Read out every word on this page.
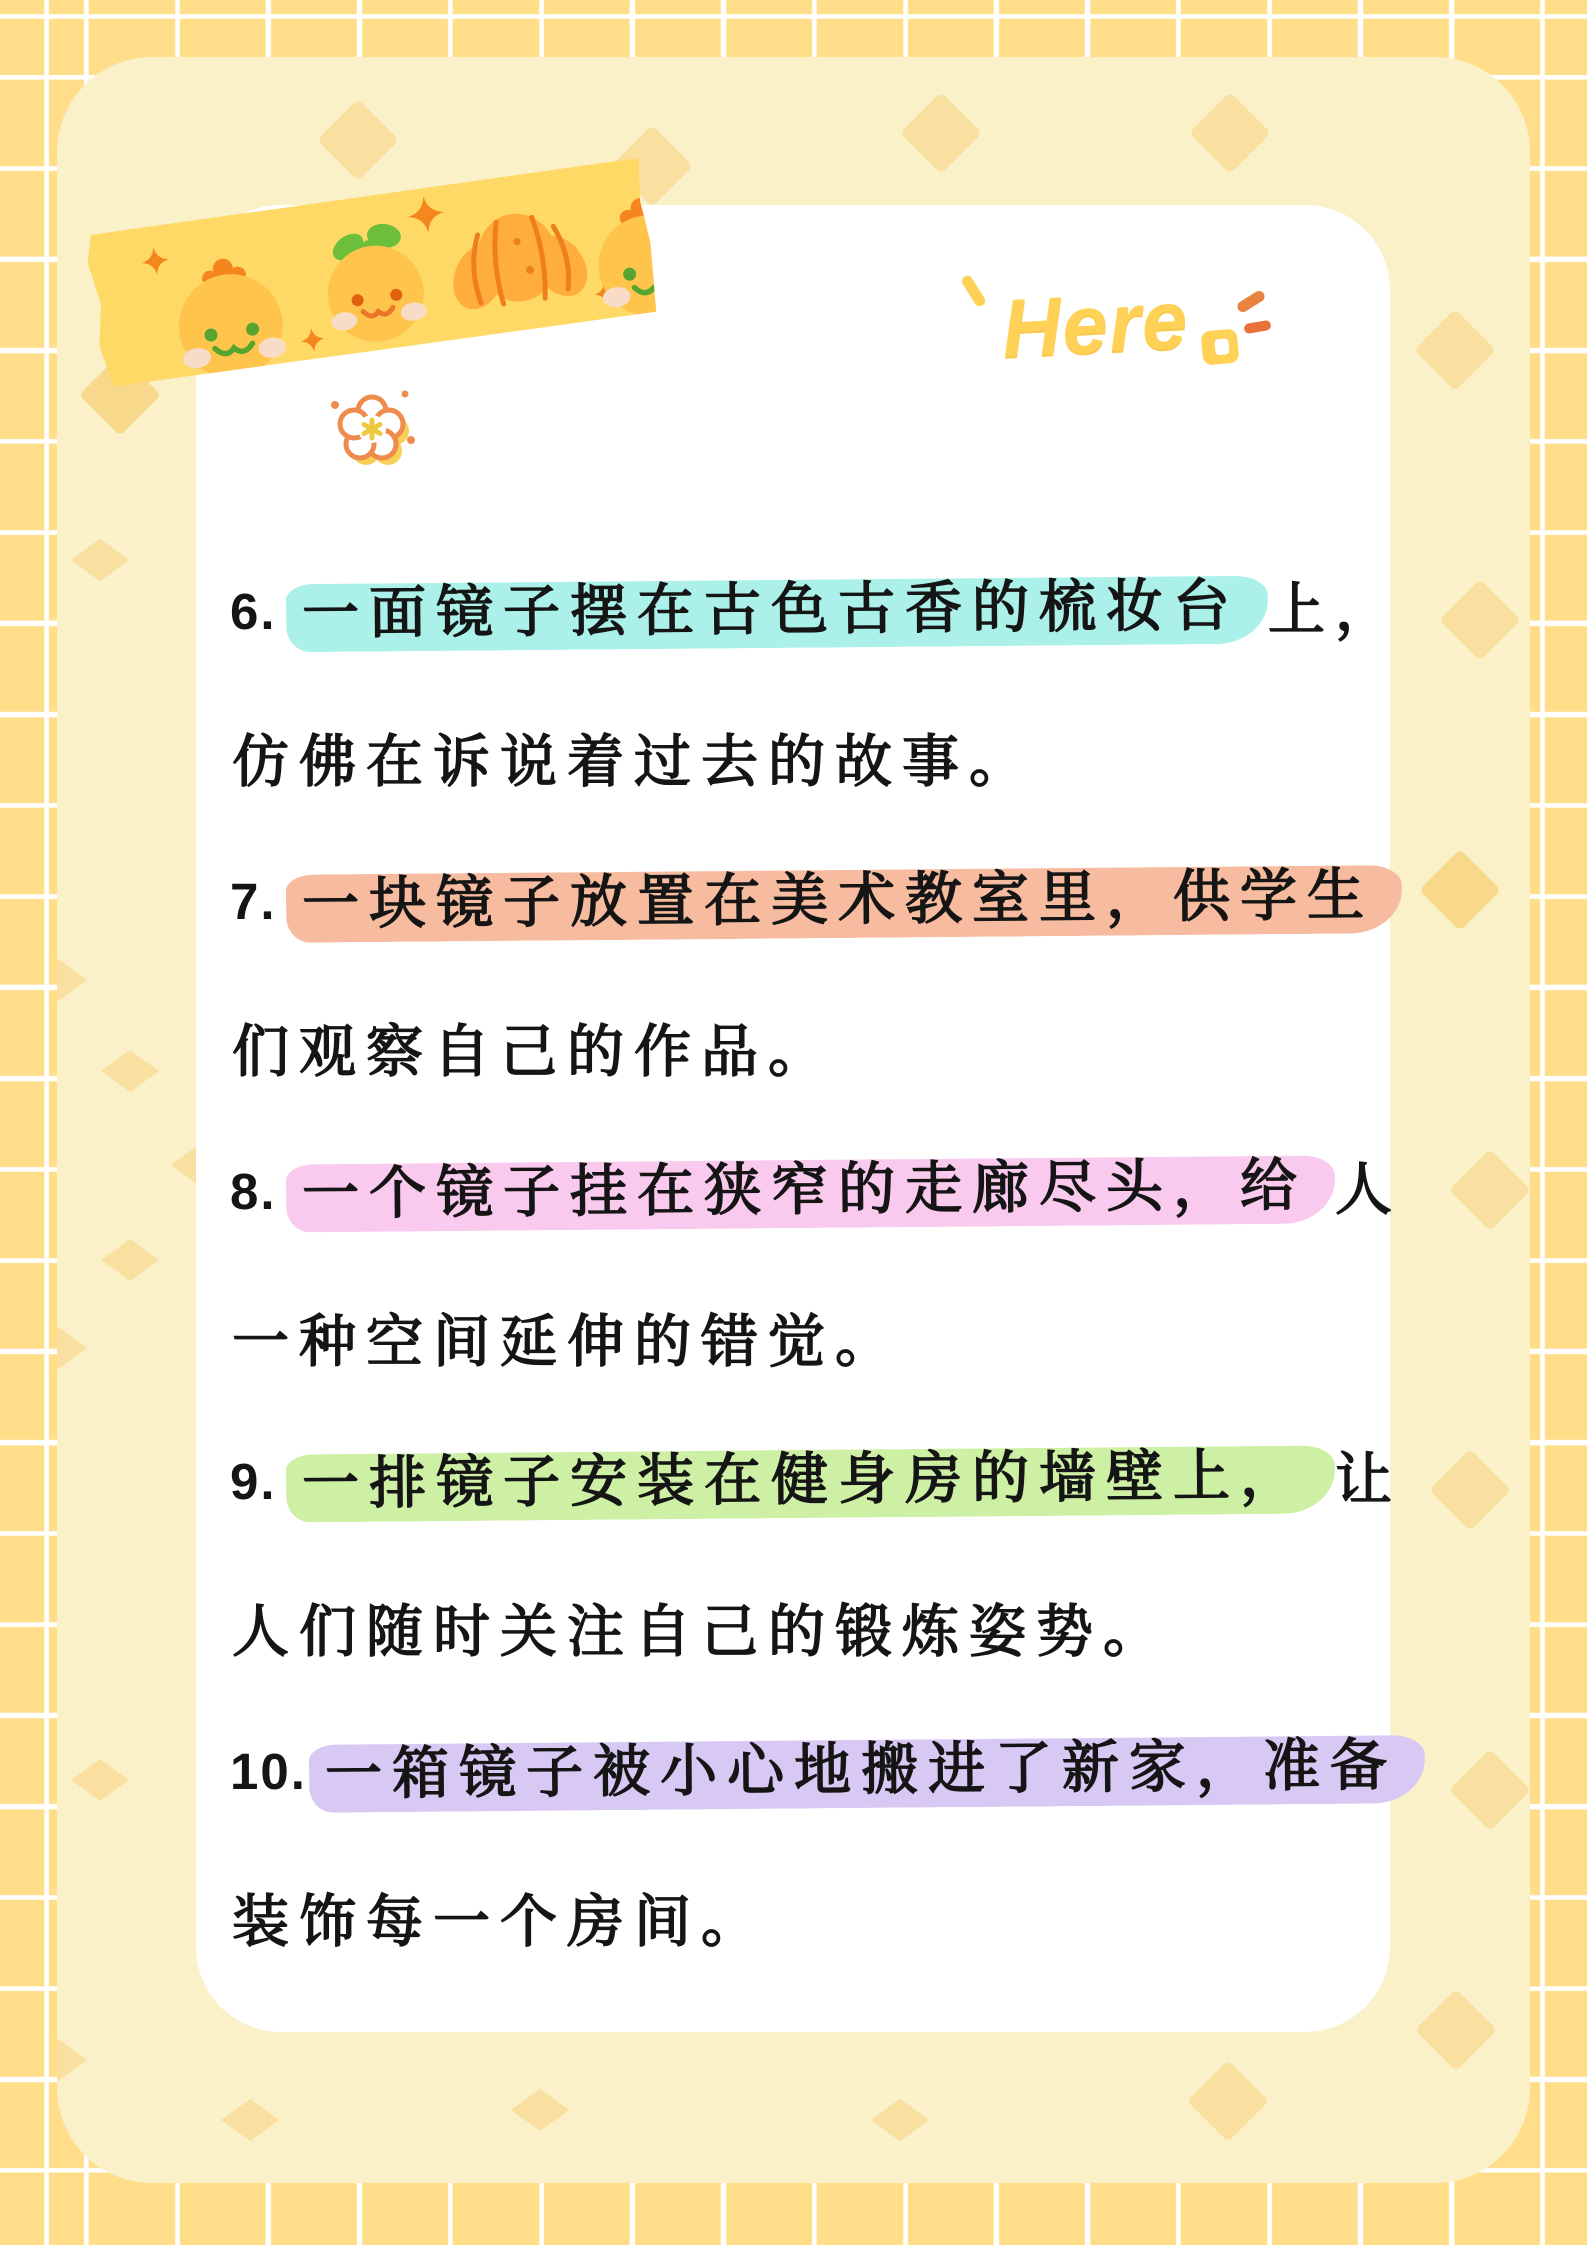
Here
6. 一面镜子摆在古色古香的梳妆台 上，
仿佛在诉说着过去的故事。
7. 一块镜子放置在美术教室里，供学生
们观察自己的作品。
8. 一个镜子挂在狭窄的走廊尽头，给 人
一种空间延伸的错觉。
9. 一排镜子安装在健身房的墙壁上， 让
人们随时关注自己的锻炼姿势。
10. 一箱镜子被小心地搬进了新家，准备
装饰每一个房间。
